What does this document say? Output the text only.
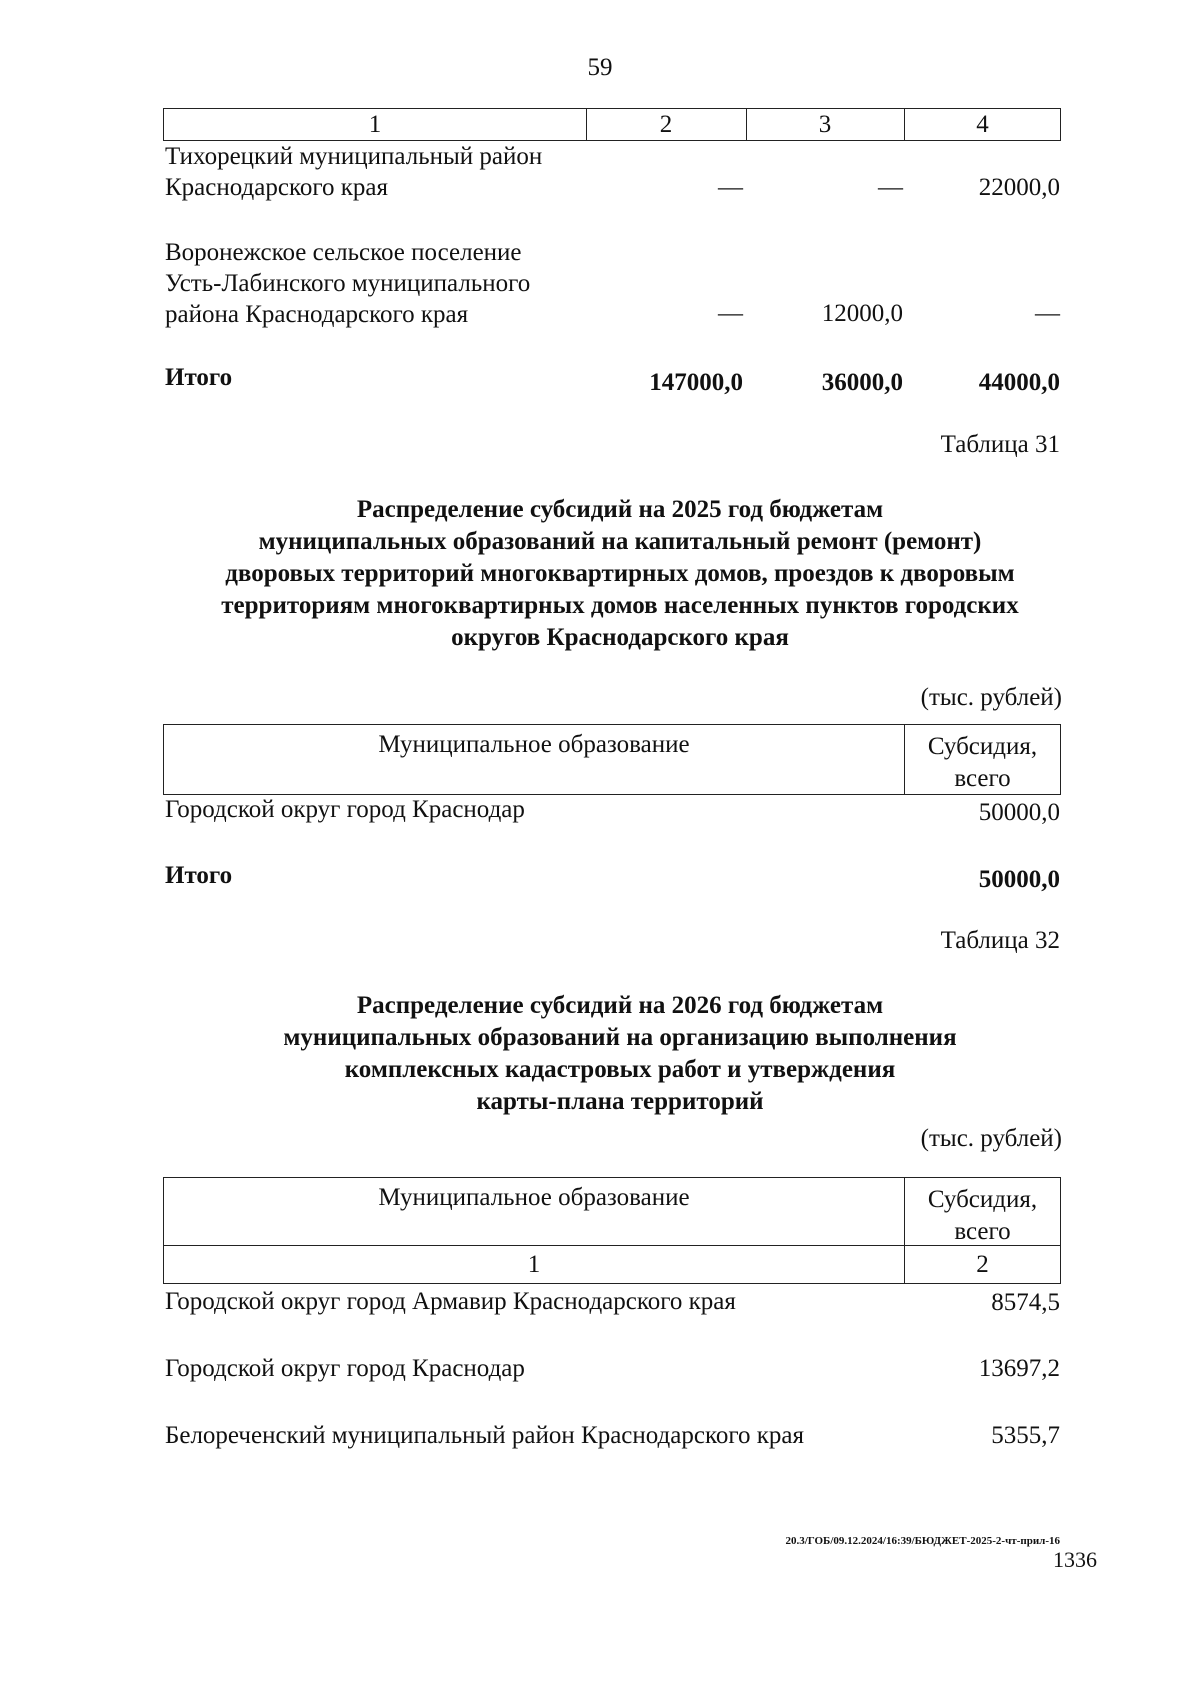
59
1	2	3	4
Тихорецкий муниципальный район
Краснодарского края	—	—	22000,0
Воронежское сельское поселение
Усть-Лабинского муниципального
района Краснодарского края	—	12000,0	—
Итого	147000,0	36000,0	44000,0
Таблица 31
Распределение субсидий на 2025 год бюджетам
муниципальных образований на капитальный ремонт (ремонт)
дворовых территорий многоквартирных домов, проездов к дворовым
территориям многоквартирных домов населенных пунктов городских
округов Краснодарского края
(тыс. рублей)
Муниципальное образование	Субсидия,
всего
Городской округ город Краснодар	50000,0
Итого	50000,0
Таблица 32
Распределение субсидий на 2026 год бюджетам
муниципальных образований на организацию выполнения
комплексных кадастровых работ и утверждения
карты-плана территорий
(тыс. рублей)
Муниципальное образование	Субсидия,
всего
1	2
Городской округ город Армавир Краснодарского края	8574,5
Городской округ город Краснодар	13697,2
Белореченский муниципальный район Краснодарского края	5355,7
20.3/ГОБ/09.12.2024/16:39/БЮДЖЕТ-2025-2-чт-прил-16
1336
